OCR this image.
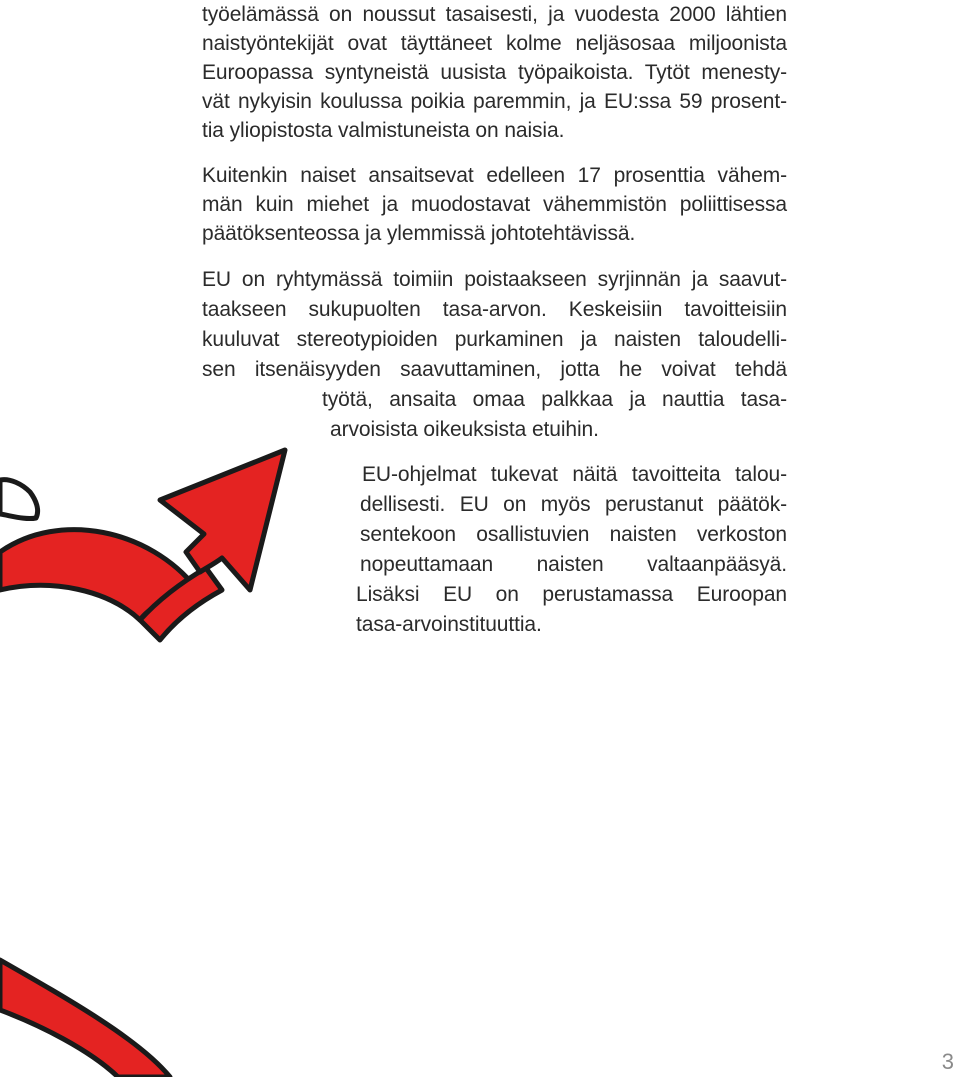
työelämässä on noussut tasaisesti, ja vuodesta 2000 lähtien
naistyöntekijät ovat täyttäneet kolme neljäsosaa miljoonista
Euroopassa syntyneistä uusista työpaikoista. Tytöt menesty-
vät nykyisin koulussa poikia paremmin, ja EU:ssa 59 prosent-
tia yliopistosta valmistuneista on naisia.
Kuitenkin naiset ansaitsevat edelleen 17 prosenttia vähem-
män kuin miehet ja muodostavat vähemmistön poliittisessa
päätöksenteossa ja ylemmissä johtotehtävissä.
EU on ryhtymässä toimiin poistaakseen syrjinnän ja saavut-
taakseen sukupuolten tasa-arvon. Keskeisiin tavoitteisiin
kuuluvat stereotypioiden purkaminen ja naisten taloudelli-
sen itsenäisyyden saavuttaminen, jotta he voivat tehdä
työtä, ansaita omaa palkkaa ja nauttia tasa-
arvoisista oikeuksista etuihin.
EU-ohjelmat tukevat näitä tavoitteita talou-
dellisesti. EU on myös perustanut päätök-
sentekoon osallistuvien naisten verkoston
nopeuttamaan naisten valtaanpääsyä.
Lisäksi EU on perustamassa Euroopan
tasa-arvoinstituuttia.
3
